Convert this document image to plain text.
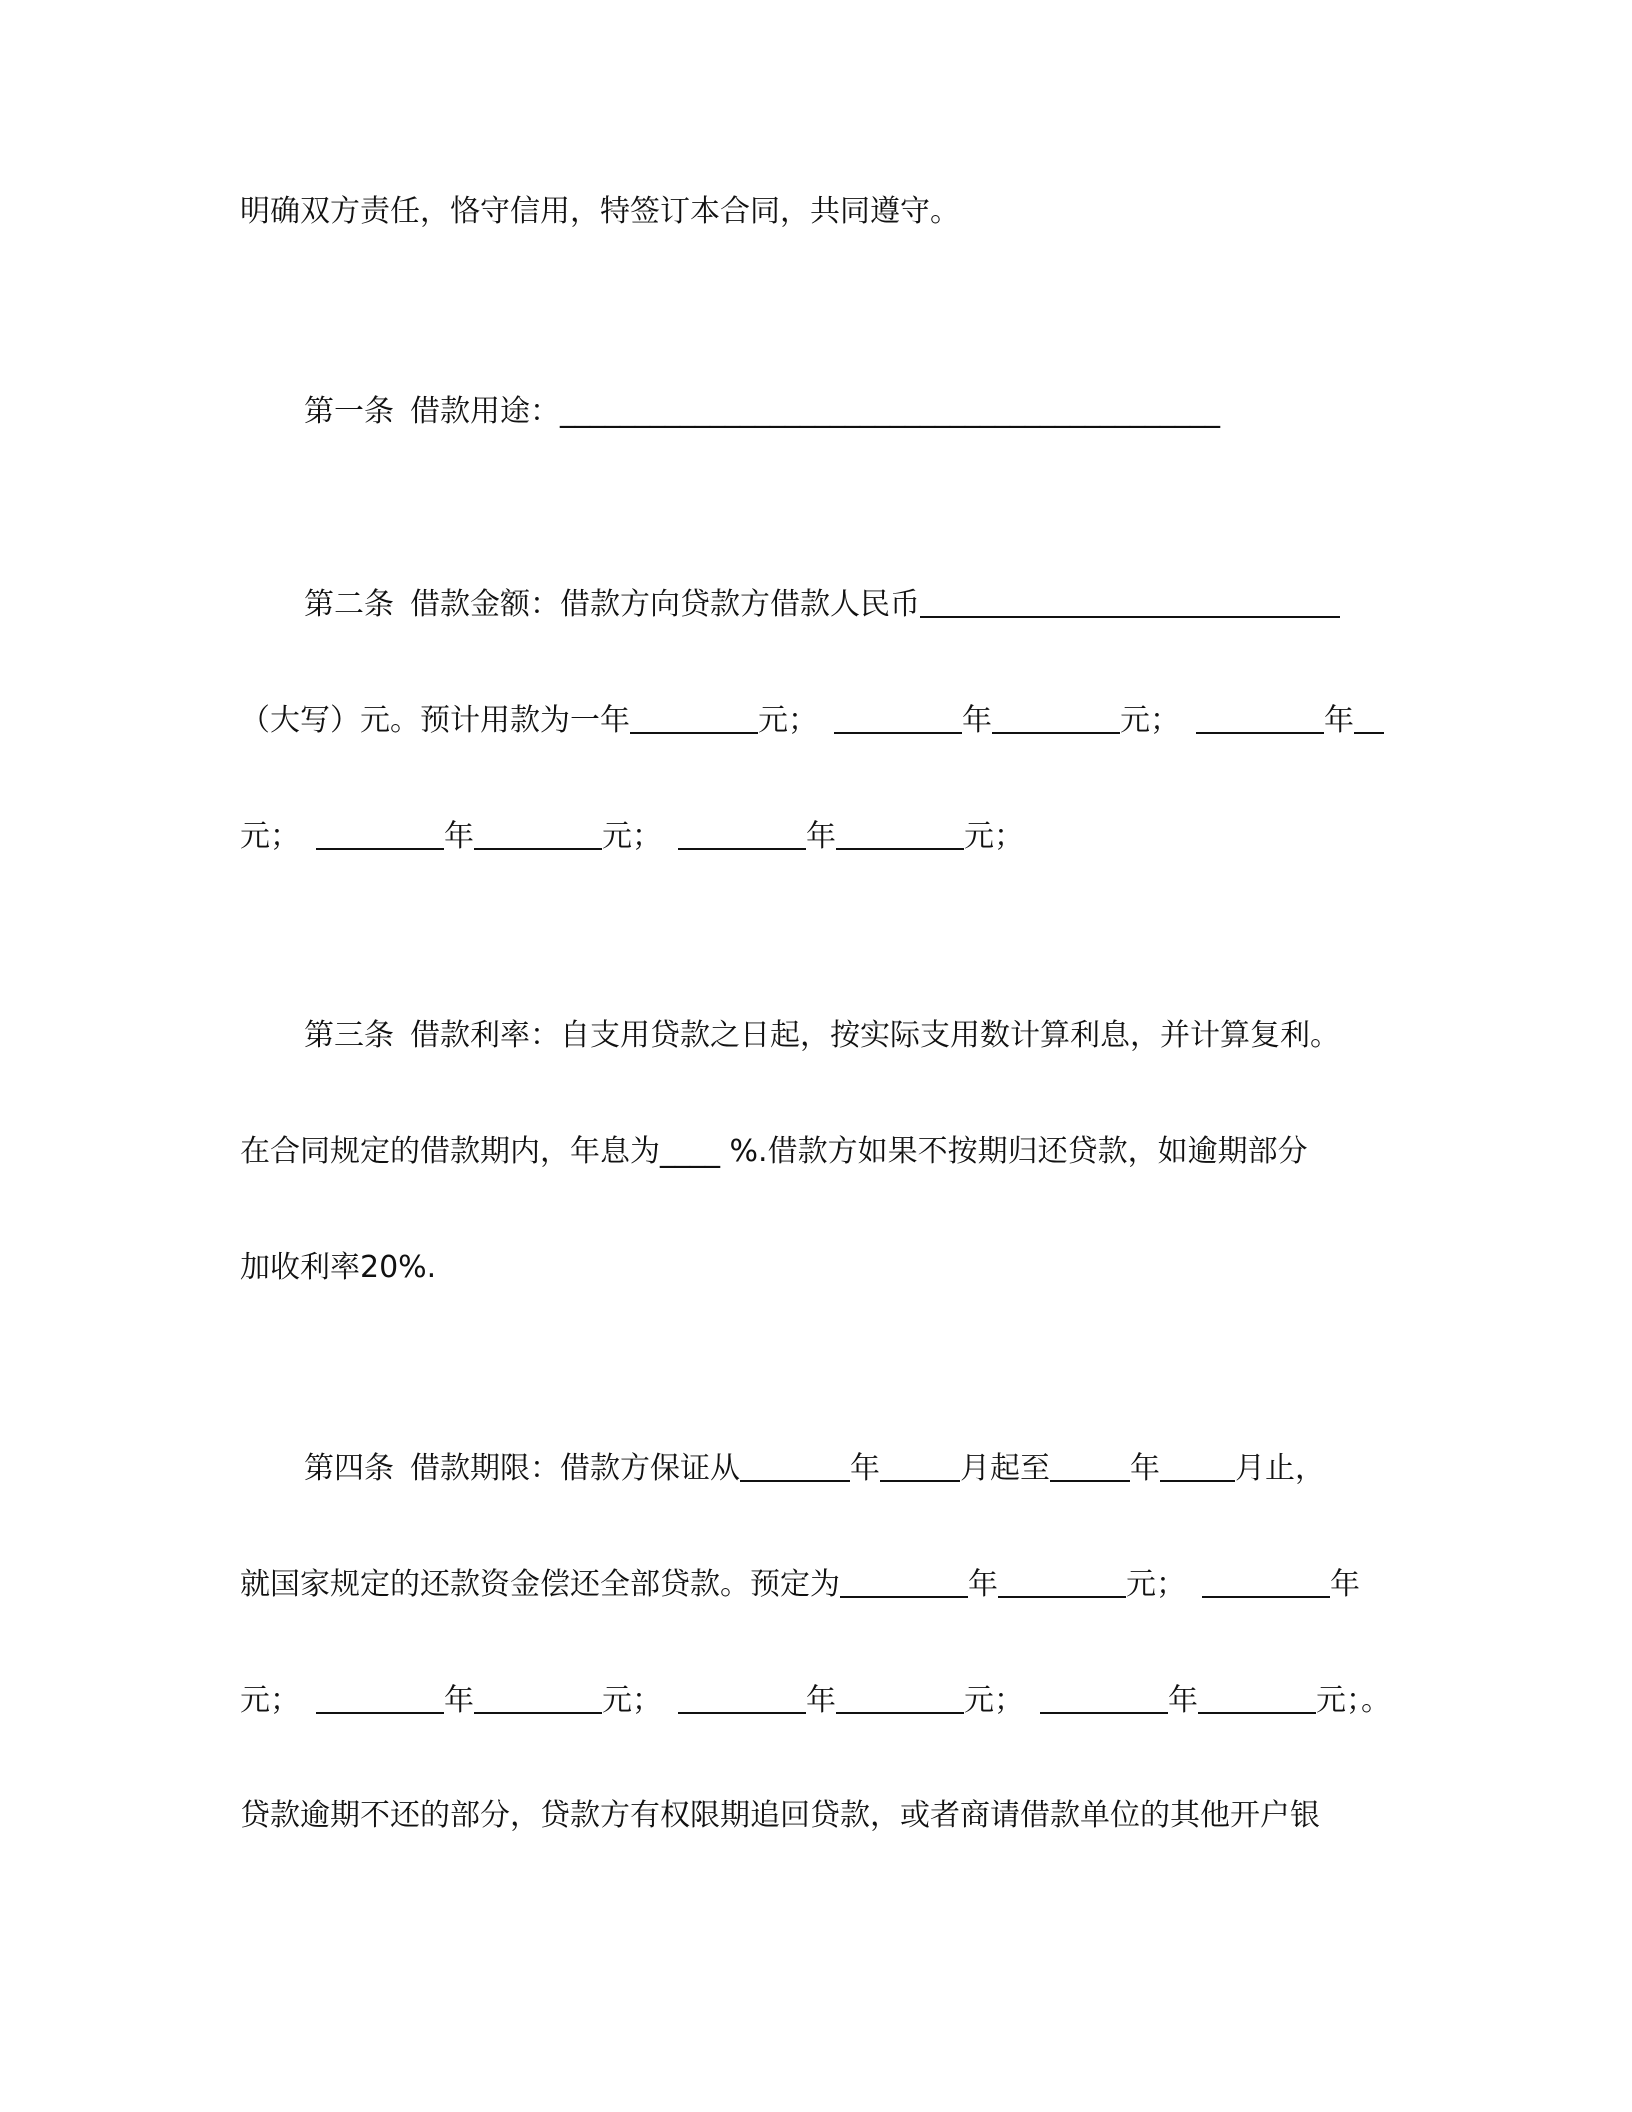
明确双方责任，恪守信用，特签订本合同，共同遵守。
第一条 借款用途：____________________________________________
第二条 借款金额：借款方向贷款方借款人民币
（大写）元。预计用款为一年	元；	年	元；	年
元；	年	元；	年	元；
第三条 借款利率：自支用贷款之日起，按实际支用数计算利息，并计算复利。
在合同规定的借款期内，年息为____ %.借款方如果不按期归还贷款，如逾期部分
加收利率20%.
第四条 借款期限：借款方保证从	年	月起至	年	月止，
就国家规定的还款资金偿还全部贷款。预定为	年	元；	年
元；	年	元；	年	元；	年	元；。
贷款逾期不还的部分，贷款方有权限期追回贷款，或者商请借款单位的其他开户银
